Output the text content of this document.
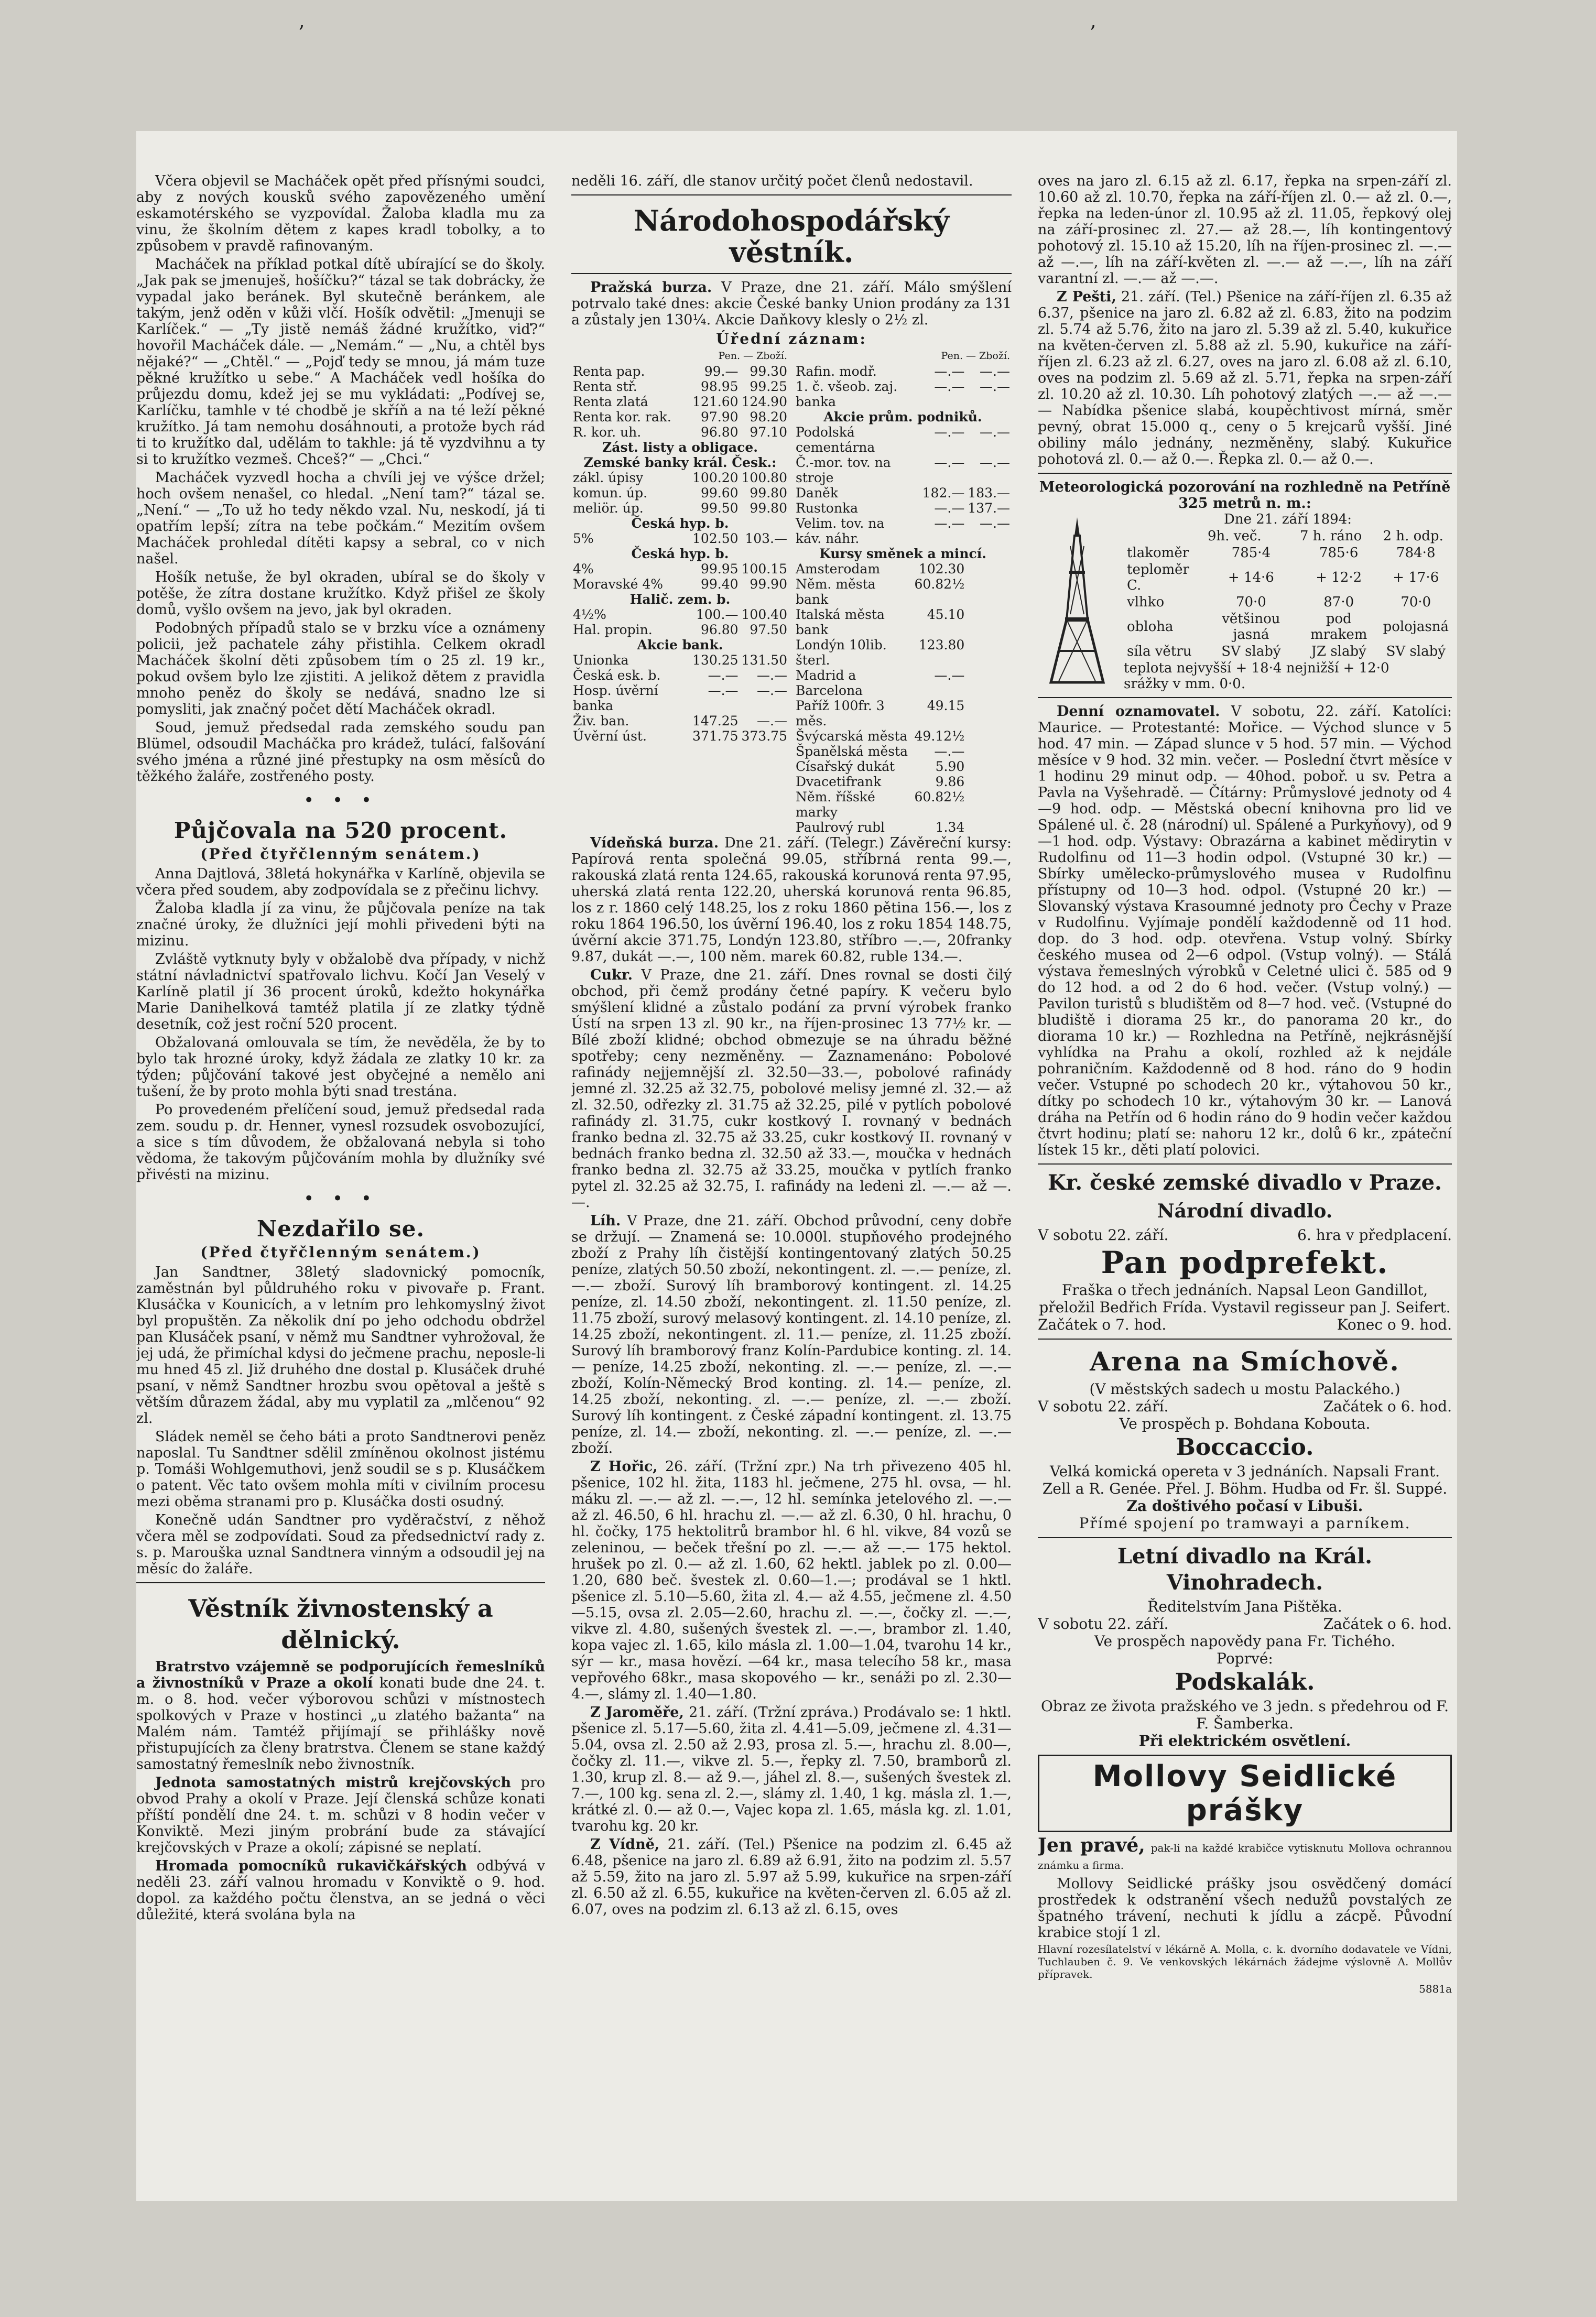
,	,

Včera objevil se Macháček opět před přísnými soudci, aby z nových kousků svého zapovězeného umění eskamotérského se vyzpovídal. Žaloba kladla mu za vinu, že školním dětem z kapes kradl tobolky, a to způsobem v pravdě rafinovaným.

Macháček na příklad potkal dítě ubírající se do školy. „Jak pak se jmenuješ, hošíčku?“ tázal se tak dobrácky, že vypadal jako beránek. Byl skutečně beránkem, ale takým, jenž oděn v kůži vlčí. Hošík odvětil: „Jmenuji se Karlíček.“ — „Ty jistě nemáš žádné kružítko, viď?“ hovořil Macháček dále. — „Nemám.“ — „Nu, a chtěl bys nějaké?“ — „Chtěl.“ — „Pojď tedy se mnou, já mám tuze pěkné kružítko u sebe.“ A Macháček vedl hošíka do průjezdu domu, kdež jej se mu vykládati: „Podívej se, Karlíčku, tamhle v té chodbě je skříň a na té leží pěkné kružítko. Já tam nemohu dosáhnouti, a protože bych rád ti to kružítko dal, udělám to takhle: já tě vyzdvihnu a ty si to kružítko vezmeš. Chceš?“ — „Chci.“

Macháček vyzvedl hocha a chvíli jej ve výšce držel; hoch ovšem nenašel, co hledal. „Není tam?“ tázal se. „Není.“ — „To už ho tedy někdo vzal. Nu, neskodí, já ti opatřím lepší; zítra na tebe počkám.“ Mezitím ovšem Macháček prohledal dítěti kapsy a sebral, co v nich našel.

Hošík netuše, že byl okraden, ubíral se do školy v potěše, že zítra dostane kružítko. Když přišel ze školy domů, vyšlo ovšem na jevo, jak byl okraden.

Podobných případů stalo se v brzku více a oznámeny policii, jež pachatele záhy přistihla. Celkem okradl Macháček školní děti způsobem tím o 25 zl. 19 kr., pokud ovšem bylo lze zjistiti. A jelikož dětem z pravidla mnoho peněz do školy se nedává, snadno lze si pomysliti, jak značný počet dětí Macháček okradl.

Soud, jemuž předsedal rada zemského soudu pan Blümel, odsoudil Macháčka pro krádež, tulácí, falšování svého jména a různé jiné přestupky na osm měsíců do těžkého žaláře, zostřeného posty.

• • •
Půjčovala na 520 procent.
(Před čtyřčlenným senátem.)

Anna Dajtlová, 38letá hokynářka v Karlíně, objevila se včera před soudem, aby zodpovídala se z přečinu lichvy.

Žaloba kladla jí za vinu, že půjčovala peníze na tak značné úroky, že dlužníci její mohli přivedeni býti na mizinu.

Zvláště vytknuty byly v obžalobě dva případy, v nichž státní návladnictví spatřovalo lichvu. Kočí Jan Veselý v Karlíně platil jí 36 procent úroků, kdežto hokynářka Marie Danihelková tamtéž platila jí ze zlatky týdně desetník, což jest roční 520 procent.

Obžalovaná omlouvala se tím, že nevěděla, že by to bylo tak hrozné úroky, když žádala ze zlatky 10 kr. za týden; půjčování takové jest obyčejné a nemělo ani tušení, že by proto mohla býti snad trestána.

Po provedeném přelíčení soud, jemuž předsedal rada zem. soudu p. dr. Henner, vynesl rozsudek osvobozující, a sice s tím důvodem, že obžalovaná nebyla si toho vědoma, že takovým půjčováním mohla by dlužníky své přivésti na mizinu.

• • •
Nezdařilo se.
(Před čtyřčlenným senátem.)

Jan Sandtner, 38letý sladovnický pomocník, zaměstnán byl půldruhého roku v pivovaře p. Frant. Klusáčka v Kounicích, a v letním pro lehkomyslný život byl propuštěn. Za několik dní po jeho odchodu obdržel pan Klusáček psaní, v němž mu Sandtner vyhrožoval, že jej udá, že přimíchal kdysi do ječmene prachu, neposle-li mu hned 45 zl. Již druhého dne dostal p. Klusáček druhé psaní, v němž Sandtner hrozbu svou opětoval a ještě s větším důrazem žádal, aby mu vyplatil za „mlčenou“ 92 zl.

Sládek neměl se čeho báti a proto Sandtnerovi peněz naposlal. Tu Sandtner sdělil zmíněnou okolnost jistému p. Tomáši Wohlgemuthovi, jenž soudil se s p. Klusáčkem o patent. Věc tato ovšem mohla míti v civilním procesu mezi oběma stranami pro p. Klusáčka dosti osudný.

Konečně udán Sandtner pro vyděračství, z něhož včera měl se zodpovídati. Soud za předsednictví rady z. s. p. Marouška uznal Sandtnera vinným a odsoudil jej na měsíc do žaláře.

Věstník živnostenský a dělnický.

Bratrstvo vzájemně se podporujících řemeslníků a živnostníků v Praze a okolí konati bude dne 24. t. m. o 8. hod. večer výborovou schůzi v místnostech spolkových v Praze v hostinci „u zlatého bažanta“ na Malém nám. Tamtéž přijímají se přihlášky nově přistupujících za členy bratrstva. Členem se stane každý samostatný řemeslník nebo živnostník.

Jednota samostatných mistrů krejčovských pro obvod Prahy a okolí v Praze. Její členská schůze konati příští pondělí dne 24. t. m. schůzi v 8 hodin večer v Konviktě. Mezi jiným probrání bude za stávající krejčovských v Praze a okolí; zápisné se neplatí.

Hromada pomocníků rukavičkářských odbývá v neděli 23. září valnou hromadu v Konviktě o 9. hod. dopol. za každého počtu členstva, an se jedná o věci důležité, která svolána byla na

neděli 16. září, dle stanov určitý počet členů nedostavil.

Národohospodářský věstník.

Pražská burza. V Praze, dne 21. září. Málo smýšlení potrvalo také dnes: akcie České banky Union prodány za 131 a zůstaly jen 130¼. Akcie Daňkovy klesly o 2½ zl.

Úřední záznam:
	Pen. — Zboží.	
Renta pap.	99.—	99.30
Renta stř.	98.95	99.25
Renta zlatá	121.60	124.90
Renta kor. rak.	97.90	98.20
R. kor. uh.	96.80	97.10
Zást. listy a obligace.		
Zemské banky král. Česk.:		
zákl. úpisy	100.20	100.80
komun. úp.	99.60	99.80
meliör. úp.	99.50	99.80
Česká hyp. b.		
5%	102.50	103.—
Česká hyp. b.		
4%	99.95	100.15
Moravské 4%	99.40	99.90
Halič. zem. b.		
4½%	100.—	100.40
Hal. propin.	96.80	97.50
Akcie bank.		
Unionka	130.25	131.50
Česká esk. b.	—.—	—.—
Hosp. úvěrní banka	—.—	—.—
Živ. ban.	147.25	—.—
Úvěrní úst.	371.75	373.75
	Pen. — Zboží.	
Rafin. modř.	—.—	—.—
1. č. všeob. zaj. banka	—.—	—.—
Akcie prům. podniků.		
Podolská cementárna	—.—	—.—
Č.-mor. tov. na stroje	—.—	—.—
Daněk	182.—	183.—
Rustonka	—.—	137.—
Velim. tov. na káv. náhr.	—.—	—.—
Kursy směnek a mincí.		
Amsterodam	102.30	
Něm. města bank	60.82½	
Italská města bank	45.10	
Londýn 10lib. šterl.	123.80	
Madrid a Barcelona	—.—	
Paříž 100fr. 3 měs.	49.15	
Švýcarská města	49.12½	
Španělská města	—.—	
Císařský dukát	5.90	
Dvacetifrank	9.86	
Něm. říšské marky	60.82½	
Paulrový rubl	1.34	

Vídeňská burza. Dne 21. září. (Telegr.) Závěreční kursy: Papírová renta společná 99.05, stříbrná renta 99.—, rakouská zlatá renta 124.65, rakouská korunová renta 97.95, uherská zlatá renta 122.20, uherská korunová renta 96.85, los z r. 1860 celý 148.25, los z roku 1860 pětina 156.—, los z roku 1864 196.50, los úvěrní 196.40, los z roku 1854 148.75, úvěrní akcie 371.75, Londýn 123.80, stříbro —.—, 20franky 9.87, dukát —.—, 100 něm. marek 60.82, ruble 134.—.

Cukr. V Praze, dne 21. září. Dnes rovnal se dosti čilý obchod, při čemž prodány četné papíry. K večeru bylo smýšlení klidné a zůstalo podání za první výrobek franko Ústí na srpen 13 zl. 90 kr., na říjen-prosinec 13 77½ kr. — Bílé zboží klidné; obchod obmezuje se na úhradu běžné spotřeby; ceny nezměněny. — Zaznamenáno: Pobolové rafinády nejjemnější zl. 32.50—33.—, pobolové rafinády jemné zl. 32.25 až 32.75, pobolové melisy jemné zl. 32.— až zl. 32.50, odřezky zl. 31.75 až 32.25, pilé v pytlích pobolové rafinády zl. 31.75, cukr kostkový I. rovnaný v bednách franko bedna zl. 32.75 až 33.25, cukr kostkový II. rovnaný v bednách franko bedna zl. 32.50 až 33.—, moučka v hednách franko bedna zl. 32.75 až 33.25, moučka v pytlích franko pytel zl. 32.25 až 32.75, I. rafinády na ledeni zl. —.— až —.—.

Líh. V Praze, dne 21. září. Obchod průvodní, ceny dobře se držují. — Znamená se: 10.000l. stupňového prodejného zboží z Prahy líh čistější kontingentovaný zlatých 50.25 peníze, zlatých 50.50 zboží, nekontingent. zl. —.— peníze, zl. —.— zboží. Surový líh bramborový kontingent. zl. 14.25 peníze, zl. 14.50 zboží, nekontingent. zl. 11.50 peníze, zl. 11.75 zboží, surový melasový kontingent. zl. 14.10 peníze, zl. 14.25 zboží, nekontingent. zl. 11.— peníze, zl. 11.25 zboží. Surový líh bramborový franz Kolín-Pardubice konting. zl. 14.— peníze, 14.25 zboží, nekonting. zl. —.— peníze, zl. —.— zboží, Kolín-Německý Brod konting. zl. 14.— peníze, zl. 14.25 zboží, nekonting. zl. —.— peníze, zl. —.— zboží. Surový líh kontingent. z České západní kontingent. zl. 13.75 peníze, zl. 14.— zboží, nekonting. zl. —.— peníze, zl. —.— zboží.

Z Hořic, 26. září. (Tržní zpr.) Na trh přivezeno 405 hl. pšenice, 102 hl. žita, 1183 hl. ječmene, 275 hl. ovsa, — hl. máku zl. —.— až zl. —.—, 12 hl. semínka jetelového zl. —.— až zl. 46.50, 6 hl. hrachu zl. —.— až zl. 6.30, 0 hl. hrachu, 0 hl. čočky, 175 hektolitrů brambor hl. 6 hl. vikve, 84 vozů se zeleninou, — beček třešní po zl. —.— až —.— 175 hektol. hrušek po zl. 0.— až zl. 1.60, 62 hektl. jablek po zl. 0.00—1.20, 680 beč. švestek zl. 0.60—1.—; prodával se 1 hktl. pšenice zl. 5.10—5.60, žita zl. 4.— až 4.55, ječmene zl. 4.50—5.15, ovsa zl. 2.05—2.60, hrachu zl. —.—, čočky zl. —.—, vikve zl. 4.80, sušených švestek zl. —.—, brambor zl. 1.40, kopa vajec zl. 1.65, kilo másla zl. 1.00—1.04, tvarohu 14 kr., sýr — kr., masa hovězí. —64 kr., masa telecího 58 kr., masa vepřového 68kr., masa skopového — kr., senáži po zl. 2.30—4.—, slámy zl. 1.40—1.80.

Z Jaroměře, 21. září. (Tržní zpráva.) Prodávalo se: 1 hktl. pšenice zl. 5.17—5.60, žita zl. 4.41—5.09, ječmene zl. 4.31—5.04, ovsa zl. 2.50 až 2.93, prosa zl. 5.—, hrachu zl. 8.00—, čočky zl. 11.—, vikve zl. 5.—, řepky zl. 7.50, bramborů zl. 1.30, krup zl. 8.— až 9.—, jáhel zl. 8.—, sušených švestek zl. 7.—, 100 kg. sena zl. 2.—, slámy zl. 1.40, 1 kg. másla zl. 1.—, krátké zl. 0.— až 0.—, Vajec kopa zl. 1.65, másla kg. zl. 1.01, tvarohu kg. 20 kr.

Z Vídně, 21. září. (Tel.) Pšenice na podzim zl. 6.45 až 6.48, pšenice na jaro zl. 6.89 až 6.91, žito na podzim zl. 5.57 až 5.59, žito na jaro zl. 5.97 až 5.99, kukuřice na srpen-září zl. 6.50 až zl. 6.55, kukuřice na květen-červen zl. 6.05 až zl. 6.07, oves na podzim zl. 6.13 až zl. 6.15, oves

oves na jaro zl. 6.15 až zl. 6.17, řepka na srpen-září zl. 10.60 až zl. 10.70, řepka na září-říjen zl. 0.— až zl. 0.—, řepka na leden-únor zl. 10.95 až zl. 11.05, řepkový olej na září-prosinec zl. 27.— až 28.—, líh kontingentový pohotový zl. 15.10 až 15.20, líh na říjen-prosinec zl. —.— až —.—, líh na září-květen zl. —.— až —.—, líh na září varantní zl. —.— až —.—.

Z Pešti, 21. září. (Tel.) Pšenice na září-říjen zl. 6.35 až 6.37, pšenice na jaro zl. 6.82 až zl. 6.83, žito na podzim zl. 5.74 až 5.76, žito na jaro zl. 5.39 až zl. 5.40, kukuřice na květen-červen zl. 5.88 až zl. 5.90, kukuřice na září-říjen zl. 6.23 až zl. 6.27, oves na jaro zl. 6.08 až zl. 6.10, oves na podzim zl. 5.69 až zl. 5.71, řepka na srpen-září zl. 10.20 až zl. 10.30. Líh pohotový zlatých —.— až —.— — Nabídka pšenice slabá, koupěchtivost mírná, směr pevný, obrat 15.000 q., ceny o 5 krejcarů vyšší. Jiné obiliny málo jednány, nezměněny, slabý. Kukuřice pohotová zl. 0.— až 0.—. Řepka zl. 0.— až 0.—.

Meteorologická pozorování na rozhledně na Petříně
325 metrů n. m.:
Dne 21. září 1894:
	9h. več.	7 h. ráno	2 h. odp.
tlakoměr	785·4	785·6	784·8
teploměr C.	+ 14·6	+ 12·2	+ 17·6
vlhko	70·0	87·0	70·0
obloha	většinou jasná	pod mrakem	polojasná
síla větru	SV slabý	JZ slabý	SV slabý
teplota nejvyšší + 18·4 nejnižší + 12·0
srážky v mm. 0·0.

Denní oznamovatel. V sobotu, 22. září. Katolíci: Maurice. — Protestanté: Mořice. — Východ slunce v 5 hod. 47 min. — Západ slunce v 5 hod. 57 min. — Východ měsíce v 9 hod. 32 min. večer. — Poslední čtvrt měsíce v 1 hodinu 29 minut odp. — 40hod. poboř. u sv. Petra a Pavla na Vyšehradě. — Čítárny: Průmyslové jednoty od 4—9 hod. odp. — Městská obecní knihovna pro lid ve Spálené ul. č. 28 (národní) ul. Spálené a Purkyňovy), od 9—1 hod. odp. Výstavy: Obrazárna a kabinet mědirytin v Rudolfinu od 11—3 hodin odpol. (Vstupné 30 kr.) — Sbírky umělecko-průmyslového musea v Rudolfinu přístupny od 10—3 hod. odpol. (Vstupné 20 kr.) — Slovanský výstava Krasoumné jednoty pro Čechy v Praze v Rudolfinu. Vyjímaje pondělí každodenně od 11 hod. dop. do 3 hod. odp. otevřena. Vstup volný. Sbírky českého musea od 2—6 odpol. (Vstup volný). — Stálá výstava řemeslných výrobků v Celetné ulici č. 585 od 9 do 12 hod. a od 2 do 6 hod. večer. (Vstup volný.) — Pavilon turistů s bludištěm od 8—7 hod. več. (Vstupné do bludiště i diorama 25 kr., do panorama 20 kr., do diorama 10 kr.) — Rozhledna na Petříně, nejkrásnější vyhlídka na Prahu a okolí, rozhled až k nejdále pohraničním. Každodenně od 8 hod. ráno do 9 hodin večer. Vstupné po schodech 20 kr., výtahovou 50 kr., dítky po schodech 10 kr., výtahovým 30 kr. — Lanová dráha na Petřín od 6 hodin ráno do 9 hodin večer každou čtvrt hodinu; platí se: nahoru 12 kr., dolů 6 kr., zpáteční lístek 15 kr., děti platí polovici.

Kr. české zemské divadlo v Praze.
Národní divadlo.
V sobotu 22. září.	6. hra v předplacení.
Pan podprefekt.

Fraška o třech jednáních. Napsal Leon Gandillot, přeložil Bedřich Frída. Vystavil regisseur pan J. Seifert.

Začátek o 7. hod.	Konec o 9. hod.
Arena na Smíchově.

(V městských sadech u mostu Palackého.)

V sobotu 22. září.	Začátek o 6. hod.

Ve prospěch p. Bohdana Kobouta.

Boccaccio.

Velká komická opereta v 3 jednáních. Napsali Frant. Zell a R. Genée. Přel. J. Böhm. Hudba od Fr. šl. Suppé.

Za doštivého počasí v Libuši.

Přímé spojení po tramwayi a parníkem.

Letní divadlo na Král. Vinohradech.

Ředitelstvím Jana Pištěka.

V sobotu 22. září.	Začátek o 6. hod.

Ve prospěch napovědy pana Fr. Tichého.

Poprvé:

Podskalák.

Obraz ze života pražského ve 3 jedn. s předehrou od F. F. Šamberka.

Při elektrickém osvětlení.

Mollovy Seidlické prášky

Jen pravé, pak-li na každé krabičce vytisknutu Mollova ochrannou známku a firma.

Mollovy Seidlické prášky jsou osvědčený domácí prostředek k odstranění všech nedužů povstalých ze špatného trávení, nechuti k jídlu a zácpě. Původní krabice stojí 1 zl.

Hlavní rozesílatelství v lékárně A. Molla, c. k. dvorního dodavatele ve Vídni, Tuchlauben č. 9. Ve venkovských lékárnách žádejme výslovně A. Mollův přípravek.

5881a
